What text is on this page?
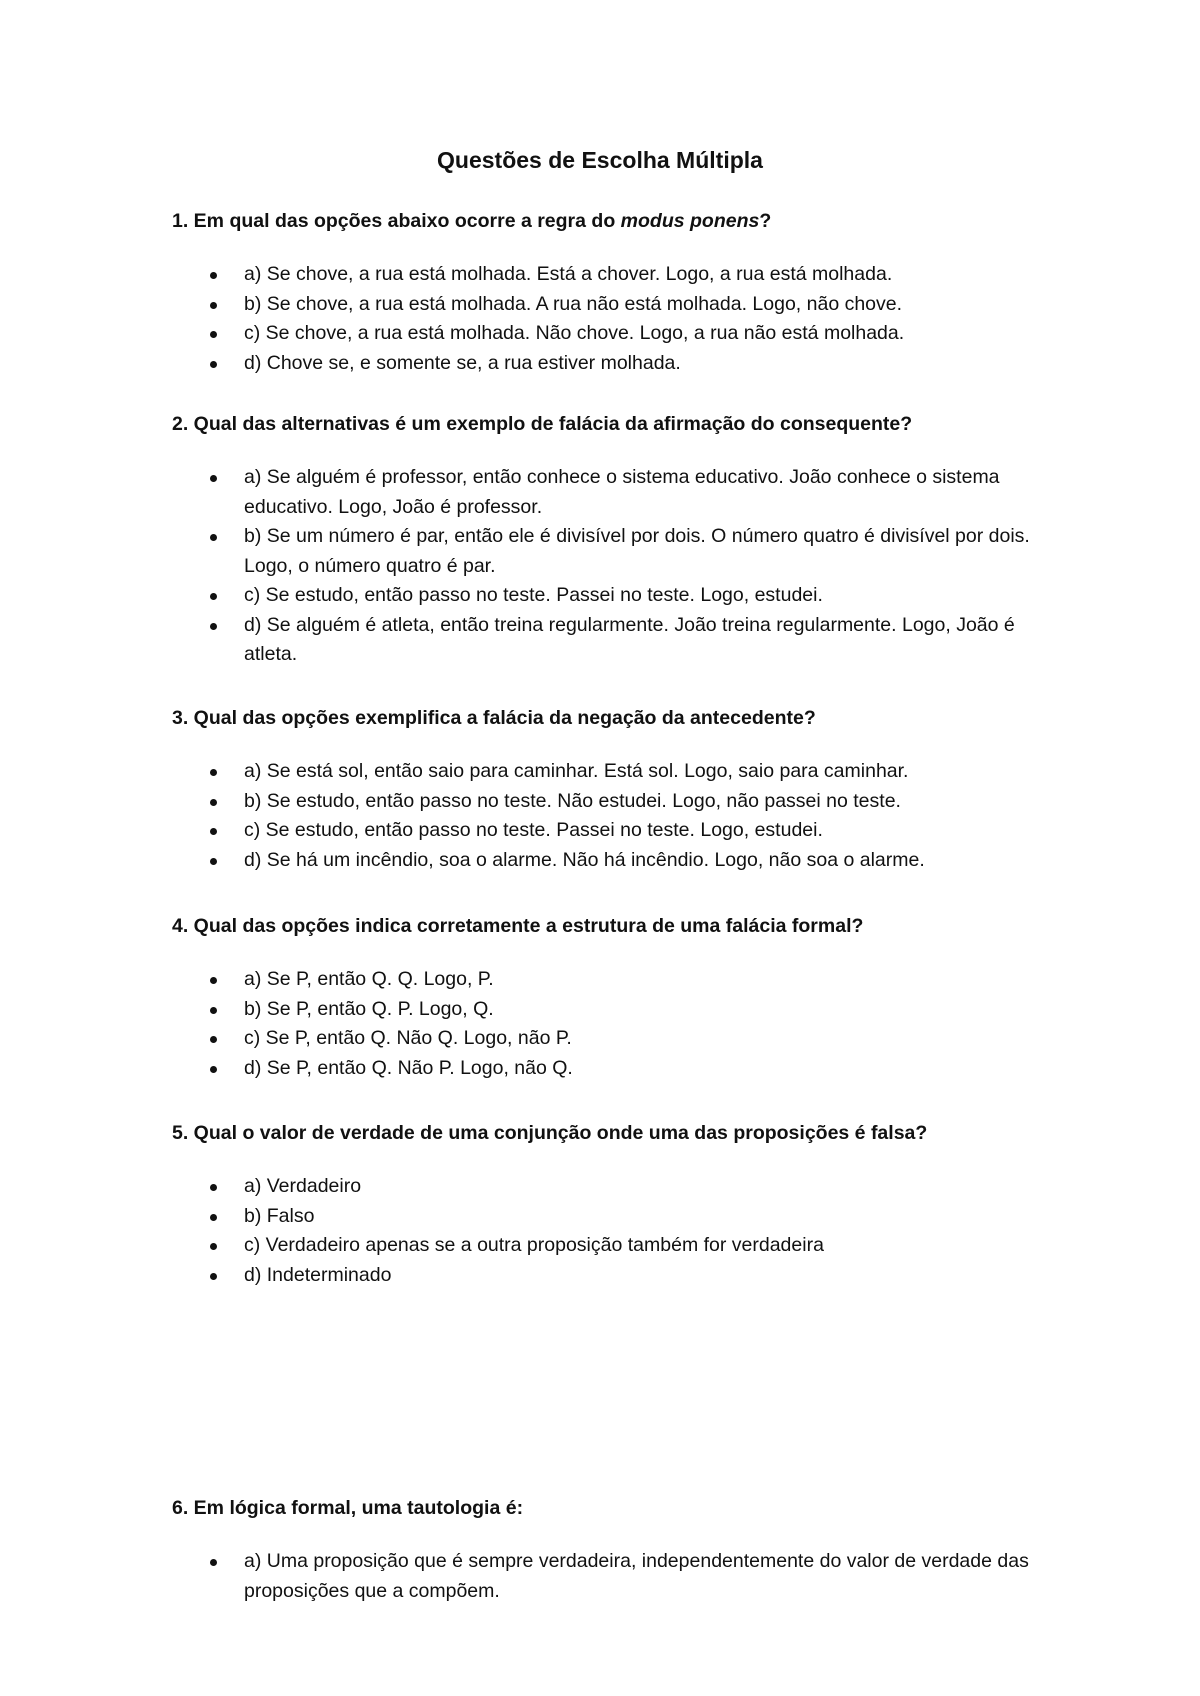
Questões de Escolha Múltipla

1. Em qual das opções abaixo ocorre a regra do modus ponens?

a) Se chove, a rua está molhada. Está a chover. Logo, a rua está molhada.
b) Se chove, a rua está molhada. A rua não está molhada. Logo, não chove.
c) Se chove, a rua está molhada. Não chove. Logo, a rua não está molhada.
d) Chove se, e somente se, a rua estiver molhada.

2. Qual das alternativas é um exemplo de falácia da afirmação do consequente?

a) Se alguém é professor, então conhece o sistema educativo. João conhece o sistema educativo. Logo, João é professor.
b) Se um número é par, então ele é divisível por dois. O número quatro é divisível por dois. Logo, o número quatro é par.
c) Se estudo, então passo no teste. Passei no teste. Logo, estudei.
d) Se alguém é atleta, então treina regularmente. João treina regularmente. Logo, João é atleta.

3. Qual das opções exemplifica a falácia da negação da antecedente?

a) Se está sol, então saio para caminhar. Está sol. Logo, saio para caminhar.
b) Se estudo, então passo no teste. Não estudei. Logo, não passei no teste.
c) Se estudo, então passo no teste. Passei no teste. Logo, estudei.
d) Se há um incêndio, soa o alarme. Não há incêndio. Logo, não soa o alarme.

4. Qual das opções indica corretamente a estrutura de uma falácia formal?

a) Se P, então Q. Q. Logo, P.
b) Se P, então Q. P. Logo, Q.
c) Se P, então Q. Não Q. Logo, não P.
d) Se P, então Q. Não P. Logo, não Q.

5. Qual o valor de verdade de uma conjunção onde uma das proposições é falsa?

a) Verdadeiro
b) Falso
c) Verdadeiro apenas se a outra proposição também for verdadeira
d) Indeterminado

6. Em lógica formal, uma tautologia é:

a) Uma proposição que é sempre verdadeira, independentemente do valor de verdade das proposições que a compõem.
